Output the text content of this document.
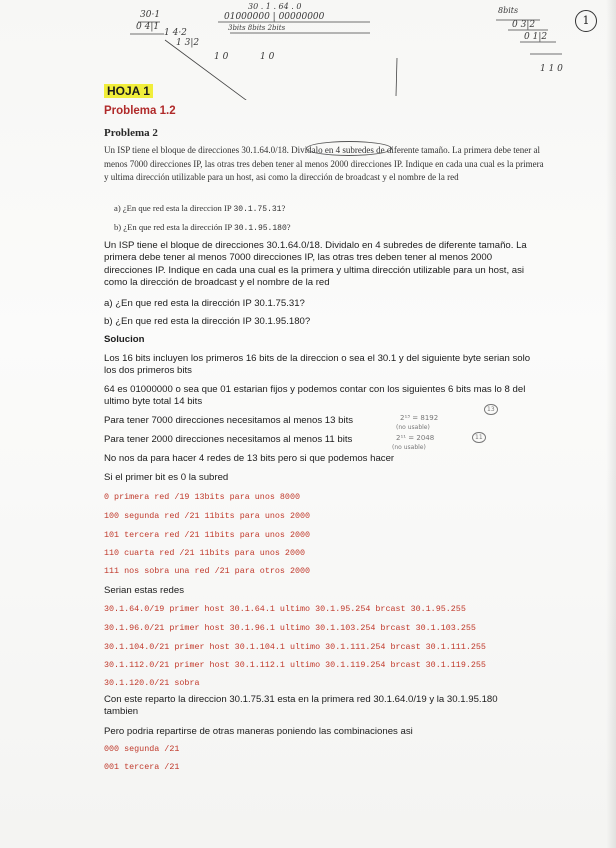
30·1
0 4|1
1 4·2
1 3|2
1 0
30 . 1 . 64 . 0
01000000 | 00000000
3bits 8bits 2bits
1 0
8bits
0 3|2
0 1|2
1 1 0
1
HOJA 1
Problema 1.2
Problema 2
Un ISP tiene el bloque de direcciones 30.1.64.0/18. Dividalo en 4 subredes de diferente tamaño. La primera debe tener al menos 7000 direcciones IP, las otras tres deben tener al menos 2000 direcciones IP. Indique en cada una cual es la primera y ultima dirección utilizable para un host, asi como la dirección de broadcast y el nombre de la red
a) ¿En que red esta la direccion IP 30.1.75.31?
b) ¿En que red esta la dirección IP 30.1.95.180?
Un ISP tiene el bloque de direcciones 30.1.64.0/18. Dividalo en 4 subredes de diferente tamaño. La primera debe tener al menos 7000 direcciones IP, las otras tres deben tener al menos 2000 direcciones IP. Indique en cada una cual es la primera y ultima dirección utilizable para un host, asi como la dirección de broadcast y el nombre de la red
a) ¿En que red esta la dirección IP 30.1.75.31?
b) ¿En que red esta la dirección IP 30.1.95.180?
Solucion
Los 16 bits incluyen los primeros 16 bits de la direccion o sea el 30.1 y del siguiente byte serian solo los dos primeros bits
64 es 01000000 o sea que 01 estarian fijos y podemos contar con los siguientes 6 bits mas lo 8 del ultimo byte total 14 bits
Para tener 7000 direcciones necesitamos al menos 13 bits
Para tener 2000 direcciones necesitamos al menos 11 bits
2¹³ = 8192
(no usable)
13
2¹¹ = 2048
(no usable)
11
No nos da para hacer 4 redes de 13 bits pero si que podemos hacer
Si el primer bit es 0 la subred
0 primera red /19 13bits para unos 8000
100 segunda red /21 11bits para unos 2000
101 tercera red /21 11bits para unos 2000
110 cuarta red /21 11bits para unos 2000
111 nos sobra una red /21 para otros 2000
Serian estas redes
30.1.64.0/19 primer host 30.1.64.1 ultimo 30.1.95.254 brcast 30.1.95.255
30.1.96.0/21 primer host 30.1.96.1 ultimo 30.1.103.254 brcast 30.1.103.255
30.1.104.0/21 primer host 30.1.104.1 ultimo 30.1.111.254 brcast 30.1.111.255
30.1.112.0/21 primer host 30.1.112.1 ultimo 30.1.119.254 brcast 30.1.119.255
30.1.120.0/21 sobra
Con este reparto la direccion 30.1.75.31 esta en la primera red 30.1.64.0/19 y la 30.1.95.180 tambien
Pero podria repartirse de otras maneras poniendo las combinaciones asi
000 segunda /21
001 tercera /21
